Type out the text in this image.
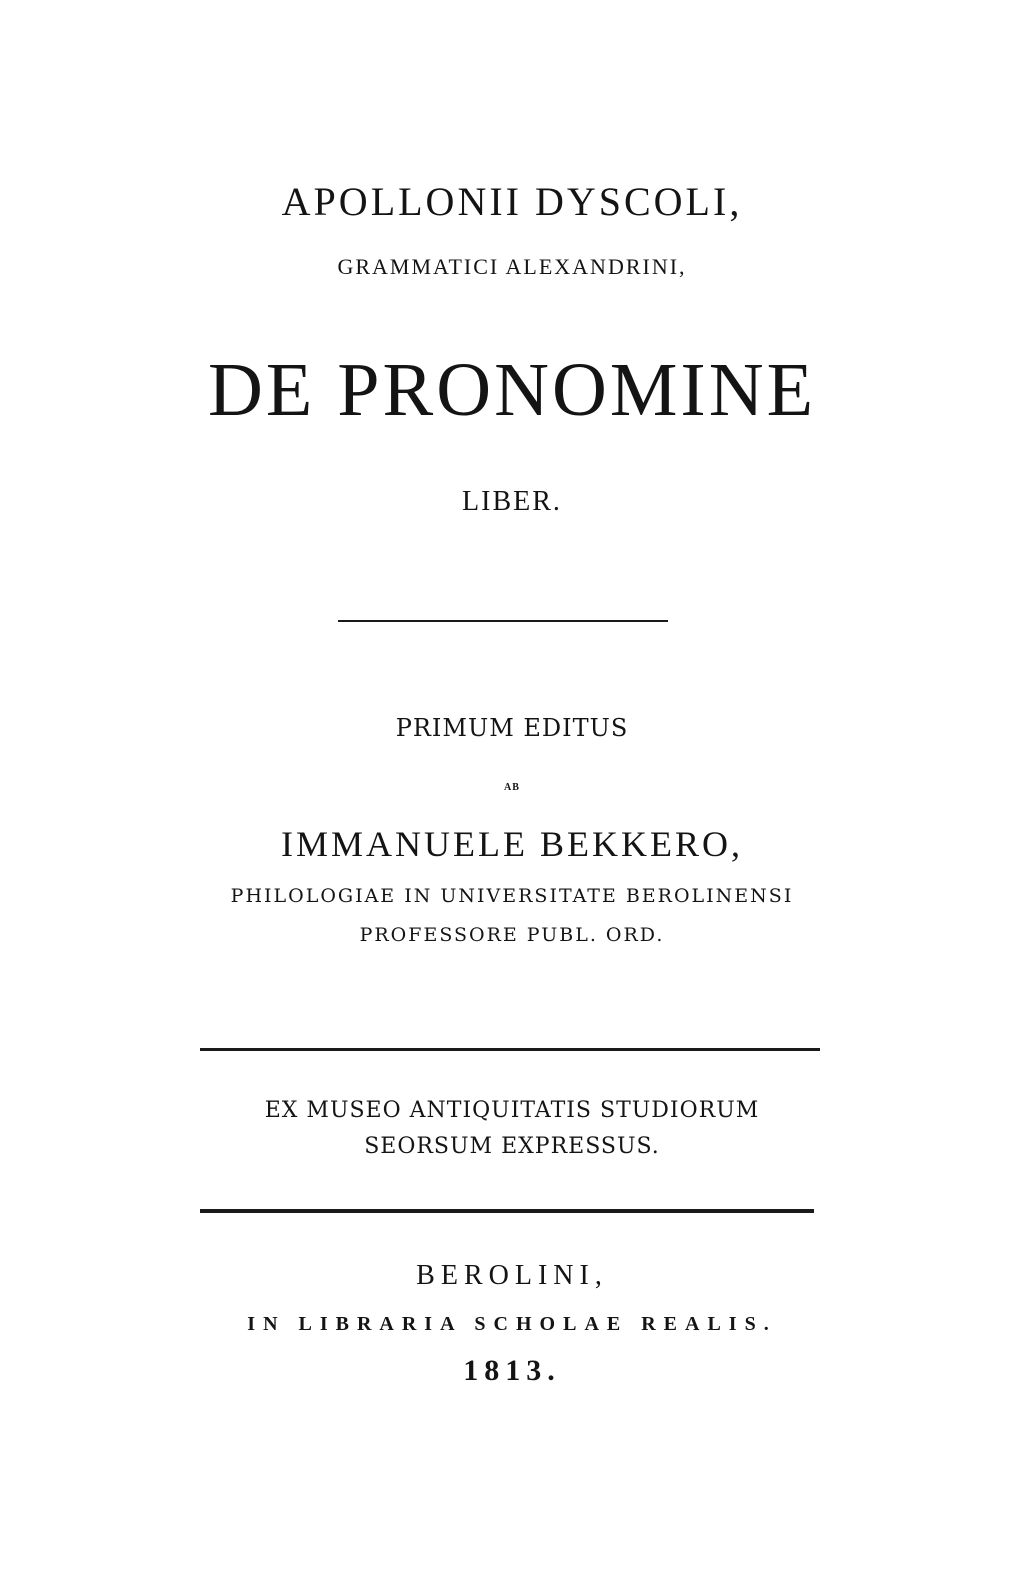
APOLLONII DYSCOLI,
GRAMMATICI ALEXANDRINI,
DE PRONOMINE
LIBER.
PRIMUM EDITUS
AB
IMMANUELE BEKKERO,
PHILOLOGIAE IN UNIVERSITATE BEROLINENSI
PROFESSORE PUBL. ORD.
EX MUSEO ANTIQUITATIS STUDIORUM
SEORSUM EXPRESSUS.
BEROLINI,
IN LIBRARIA SCHOLAE REALIS.
1813.
